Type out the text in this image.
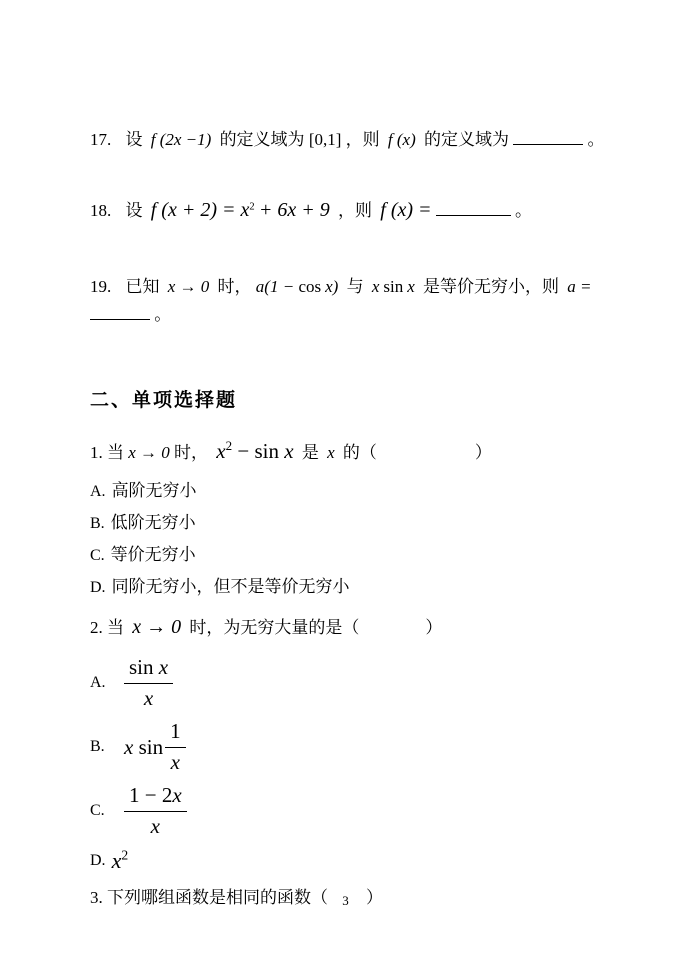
17. 设 f (2x −1) 的定义域为 [0,1] ，则 f (x) 的定义域为	。
18. 设 f $(x + 2) = x^2 + 6x + 9$ ，则 f (x) =	。
19. 已知 x → 0 时， a(1 − cos x) 与 x sin x 是等价无穷小，则 a =  。
二、单项选择题
1. 当 x → 0 时， $x^2 - \sin x$ 是 x 的（	）
A. 高阶无穷小
B. 低阶无穷小
C. 等价无穷小
D. 同阶无穷小，但不是等价无穷小
2. 当 x → 0 时，为无穷大量的是（	）
A. $\frac{\text{sin x}}{x}$
B. x $\sin \frac{1}{x}$
C. $\frac{1 - 2x}{x}$
D. $x^2$
3. 下列哪组函数是相同的函数（ ）
3
